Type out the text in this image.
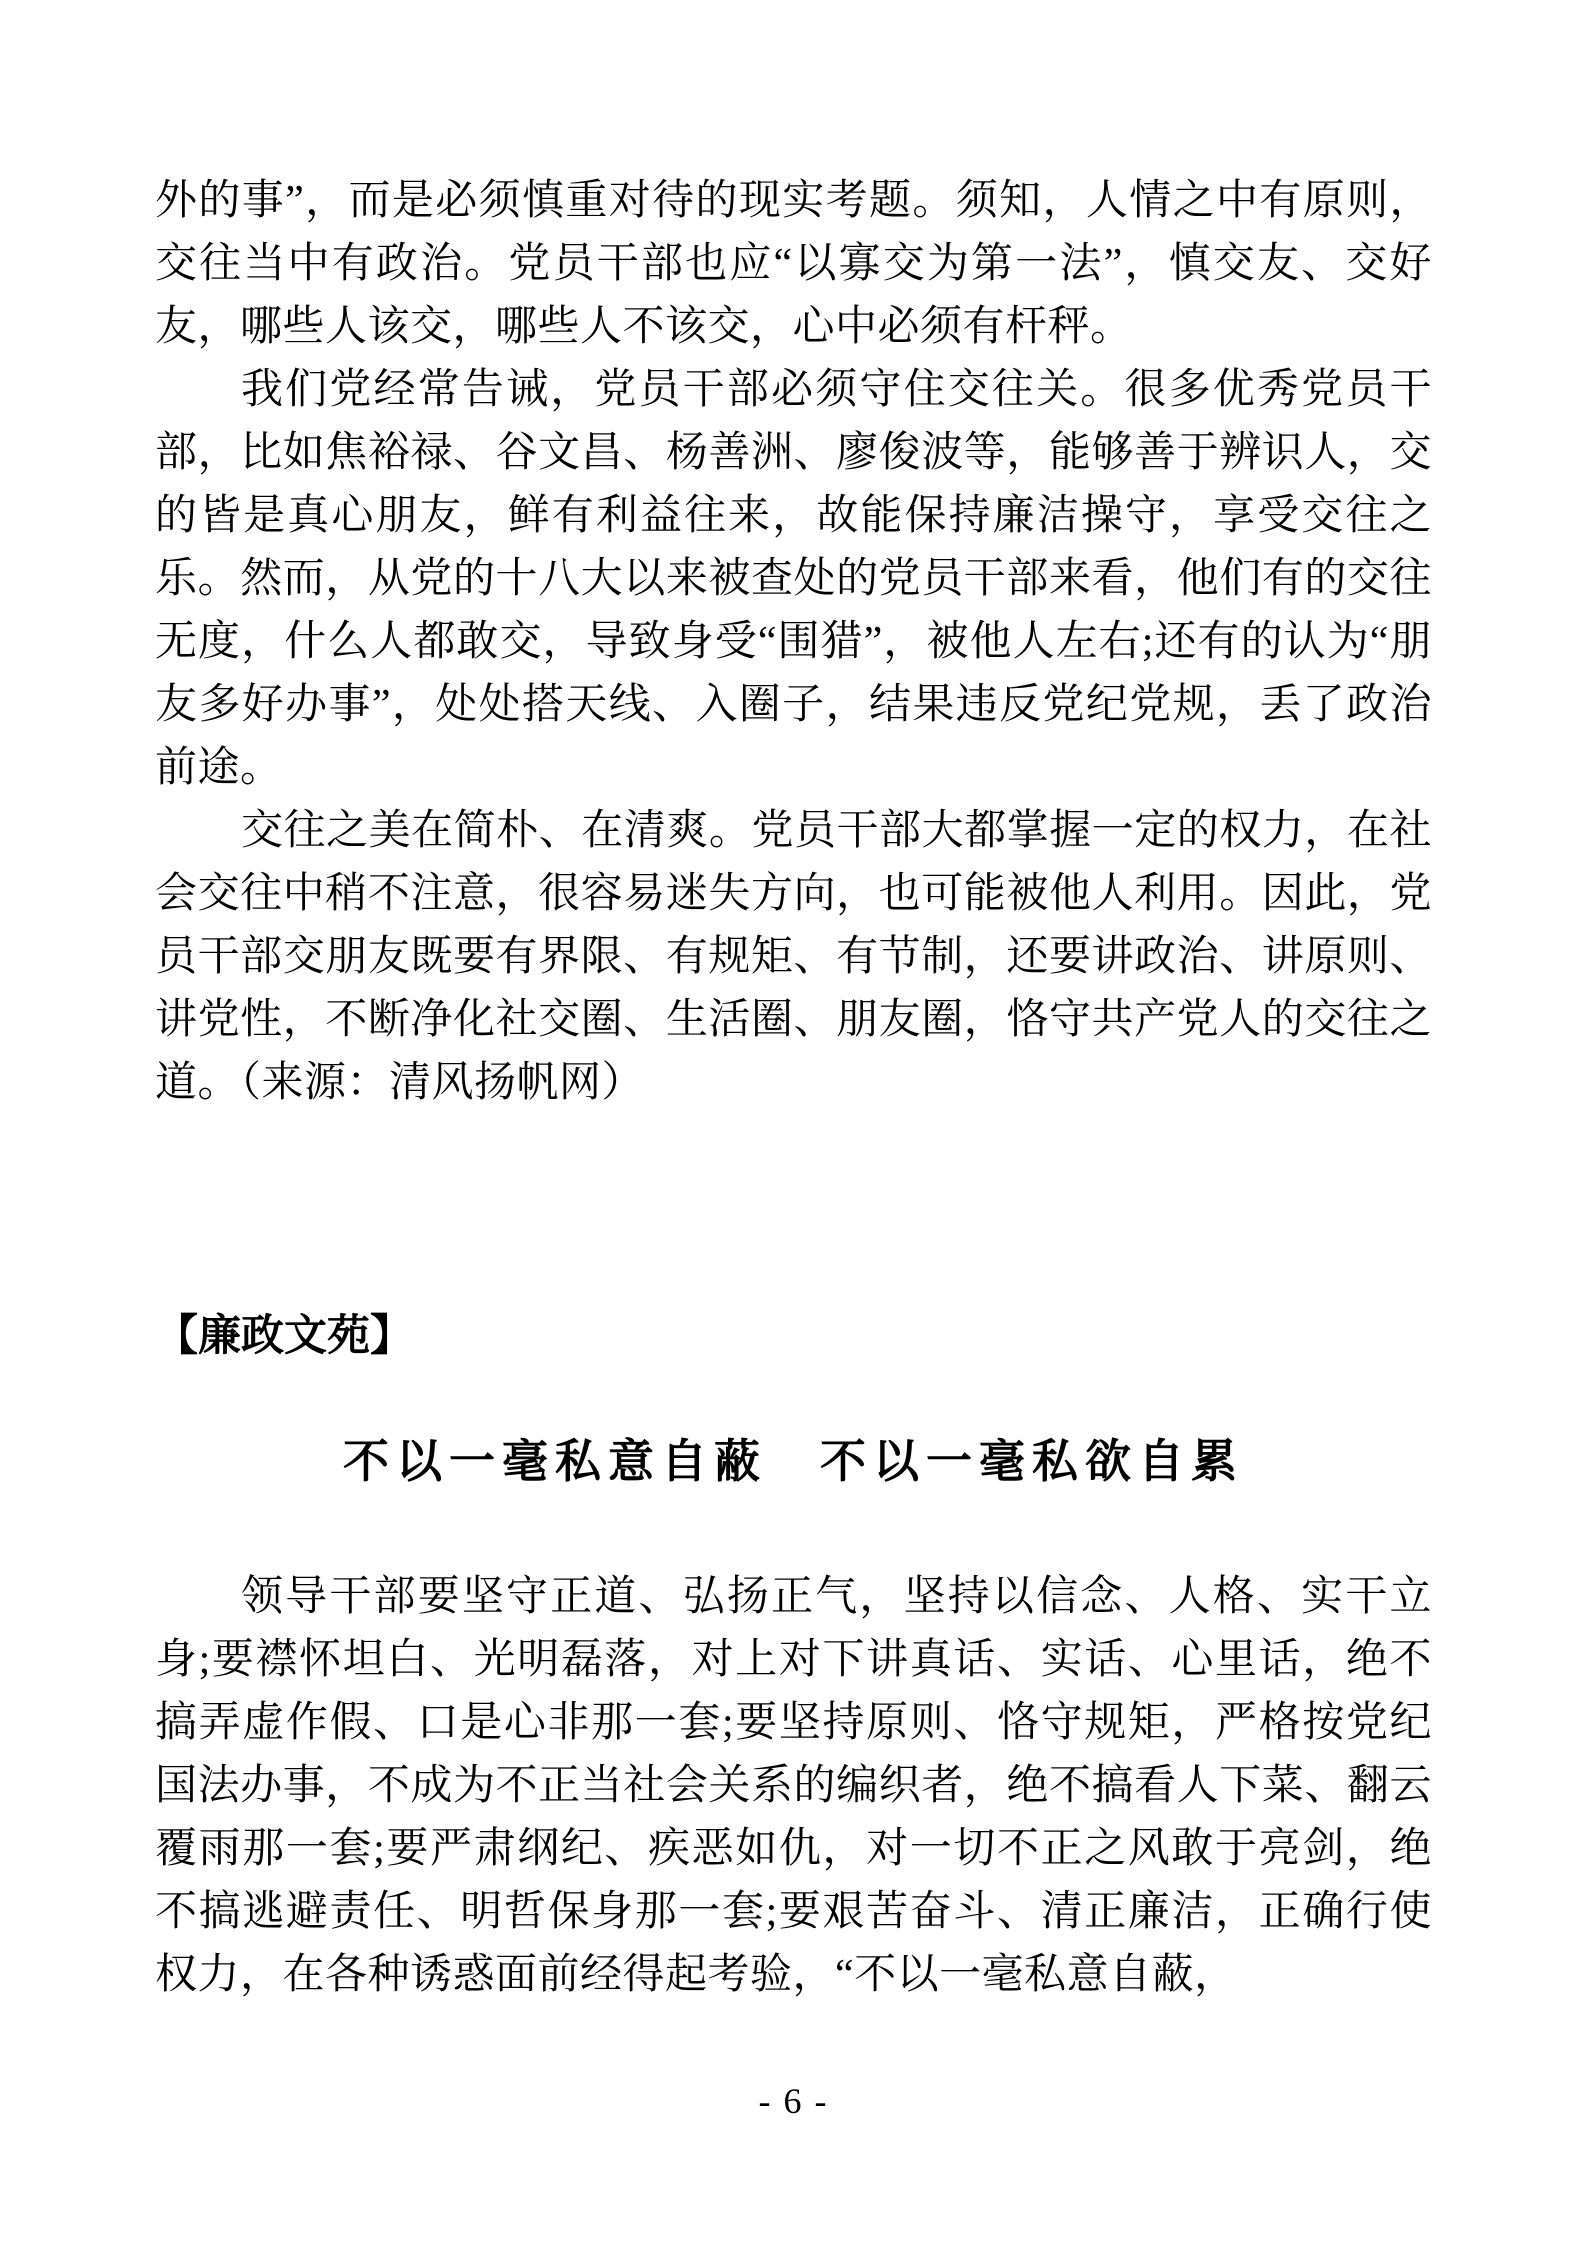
外的事”，而是必须慎重对待的现实考题。须知，人情之中有原则，交往当中有政治。党员干部也应“以寡交为第一法”，慎交友、交好友，哪些人该交，哪些人不该交，心中必须有杆秤。

我们党经常告诫，党员干部必须守住交往关。很多优秀党员干部，比如焦裕禄、谷文昌、杨善洲、廖俊波等，能够善于辨识人，交的皆是真心朋友，鲜有利益往来，故能保持廉洁操守，享受交往之乐。然而，从党的十八大以来被查处的党员干部来看，他们有的交往无度，什么人都敢交，导致身受“围猎”，被他人左右;还有的认为“朋友多好办事”，处处搭天线、入圈子，结果违反党纪党规，丢了政治前途。

交往之美在简朴、在清爽。党员干部大都掌握一定的权力，在社会交往中稍不注意，很容易迷失方向，也可能被他人利用。因此，党员干部交朋友既要有界限、有规矩、有节制，还要讲政治、讲原则、讲党性，不断净化社交圈、生活圈、朋友圈，恪守共产党人的交往之道。（来源：清风扬帆网）

【廉政文苑】
不以一毫私意自蔽　不以一毫私欲自累

领导干部要坚守正道、弘扬正气，坚持以信念、人格、实干立身;要襟怀坦白、光明磊落，对上对下讲真话、实话、心里话，绝不搞弄虚作假、口是心非那一套;要坚持原则、恪守规矩，严格按党纪国法办事，不成为不正当社会关系的编织者，绝不搞看人下菜、翻云覆雨那一套;要严肃纲纪、疾恶如仇，对一切不正之风敢于亮剑，绝不搞逃避责任、明哲保身那一套;要艰苦奋斗、清正廉洁，正确行使权力，在各种诱惑面前经得起考验，“不以一毫私意自蔽，

- 6 -
